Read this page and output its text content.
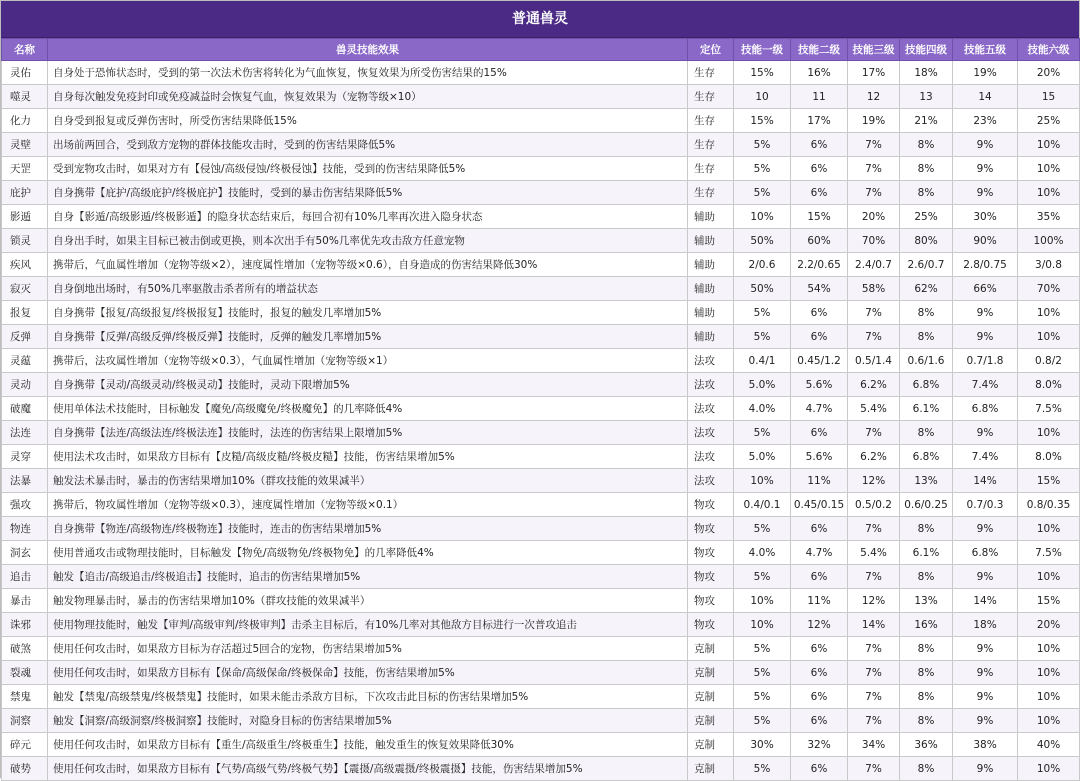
普通兽灵
名称	兽灵技能效果	定位	技能一级	技能二级	技能三级	技能四级	技能五级	技能六级
灵佑	自身处于恐怖状态时，受到的第一次法术伤害将转化为气血恢复，恢复效果为所受伤害结果的15%	生存	15%	16%	17%	18%	19%	20%
噬灵	自身每次触发免疫封印或免疫减益时会恢复气血，恢复效果为（宠物等级×10）	生存	10	11	12	13	14	15
化力	自身受到报复或反弹伤害时，所受伤害结果降低15%	生存	15%	17%	19%	21%	23%	25%
灵壁	出场前两回合，受到敌方宠物的群体技能攻击时，受到的伤害结果降低5%	生存	5%	6%	7%	8%	9%	10%
天罡	受到宠物攻击时，如果对方有【侵蚀/高级侵蚀/终极侵蚀】技能，受到的伤害结果降低5%	生存	5%	6%	7%	8%	9%	10%
庇护	自身携带【庇护/高级庇护/终极庇护】技能时，受到的暴击伤害结果降低5%	生存	5%	6%	7%	8%	9%	10%
影遁	自身【影遁/高级影遁/终极影遁】的隐身状态结束后，每回合初有10%几率再次进入隐身状态	辅助	10%	15%	20%	25%	30%	35%
锁灵	自身出手时，如果主目标已被击倒或更换，则本次出手有50%几率优先攻击敌方任意宠物	辅助	50%	60%	70%	80%	90%	100%
疾风	携带后，气血属性增加（宠物等级×2），速度属性增加（宠物等级×0.6），自身造成的伤害结果降低30%	辅助	2/0.6	2.2/0.65	2.4/0.7	2.6/0.7	2.8/0.75	3/0.8
寂灭	自身倒地出场时，有50%几率驱散击杀者所有的增益状态	辅助	50%	54%	58%	62%	66%	70%
报复	自身携带【报复/高级报复/终极报复】技能时，报复的触发几率增加5%	辅助	5%	6%	7%	8%	9%	10%
反弹	自身携带【反弹/高级反弹/终极反弹】技能时，反弹的触发几率增加5%	辅助	5%	6%	7%	8%	9%	10%
灵蕴	携带后，法攻属性增加（宠物等级×0.3），气血属性增加（宠物等级×1）	法攻	0.4/1	0.45/1.2	0.5/1.4	0.6/1.6	0.7/1.8	0.8/2
灵动	自身携带【灵动/高级灵动/终极灵动】技能时，灵动下限增加5%	法攻	5.0%	5.6%	6.2%	6.8%	7.4%	8.0%
破魔	使用单体法术技能时，目标触发【魔免/高级魔免/终极魔免】的几率降低4%	法攻	4.0%	4.7%	5.4%	6.1%	6.8%	7.5%
法连	自身携带【法连/高级法连/终极法连】技能时，法连的伤害结果上限增加5%	法攻	5%	6%	7%	8%	9%	10%
灵穿	使用法术攻击时，如果敌方目标有【皮糙/高级皮糙/终极皮糙】技能，伤害结果增加5%	法攻	5.0%	5.6%	6.2%	6.8%	7.4%	8.0%
法暴	触发法术暴击时，暴击的伤害结果增加10%（群攻技能的效果减半）	法攻	10%	11%	12%	13%	14%	15%
强攻	携带后，物攻属性增加（宠物等级×0.3），速度属性增加（宠物等级×0.1）	物攻	0.4/0.1	0.45/0.15	0.5/0.2	0.6/0.25	0.7/0.3	0.8/0.35
物连	自身携带【物连/高级物连/终极物连】技能时，连击的伤害结果增加5%	物攻	5%	6%	7%	8%	9%	10%
洞玄	使用普通攻击或物理技能时，目标触发【物免/高级物免/终极物免】的几率降低4%	物攻	4.0%	4.7%	5.4%	6.1%	6.8%	7.5%
追击	触发【追击/高级追击/终极追击】技能时，追击的伤害结果增加5%	物攻	5%	6%	7%	8%	9%	10%
暴击	触发物理暴击时，暴击的伤害结果增加10%（群攻技能的效果减半）	物攻	10%	11%	12%	13%	14%	15%
诛邪	使用物理技能时，触发【审判/高级审判/终极审判】击杀主目标后，有10%几率对其他敌方目标进行一次普攻追击	物攻	10%	12%	14%	16%	18%	20%
破煞	使用任何攻击时，如果敌方目标为存活超过5回合的宠物，伤害结果增加5%	克制	5%	6%	7%	8%	9%	10%
裂魂	使用任何攻击时，如果敌方目标有【保命/高级保命/终极保命】技能，伤害结果增加5%	克制	5%	6%	7%	8%	9%	10%
禁鬼	触发【禁鬼/高级禁鬼/终极禁鬼】技能时，如果未能击杀敌方目标，下次攻击此目标的伤害结果增加5%	克制	5%	6%	7%	8%	9%	10%
洞察	触发【洞察/高级洞察/终极洞察】技能时，对隐身目标的伤害结果增加5%	克制	5%	6%	7%	8%	9%	10%
碎元	使用任何攻击时，如果敌方目标有【重生/高级重生/终极重生】技能，触发重生的恢复效果降低30%	克制	30%	32%	34%	36%	38%	40%
破势	使用任何攻击时，如果敌方目标有【气势/高级气势/终极气势】【震摄/高级震摄/终极震摄】技能，伤害结果增加5%	克制	5%	6%	7%	8%	9%	10%
